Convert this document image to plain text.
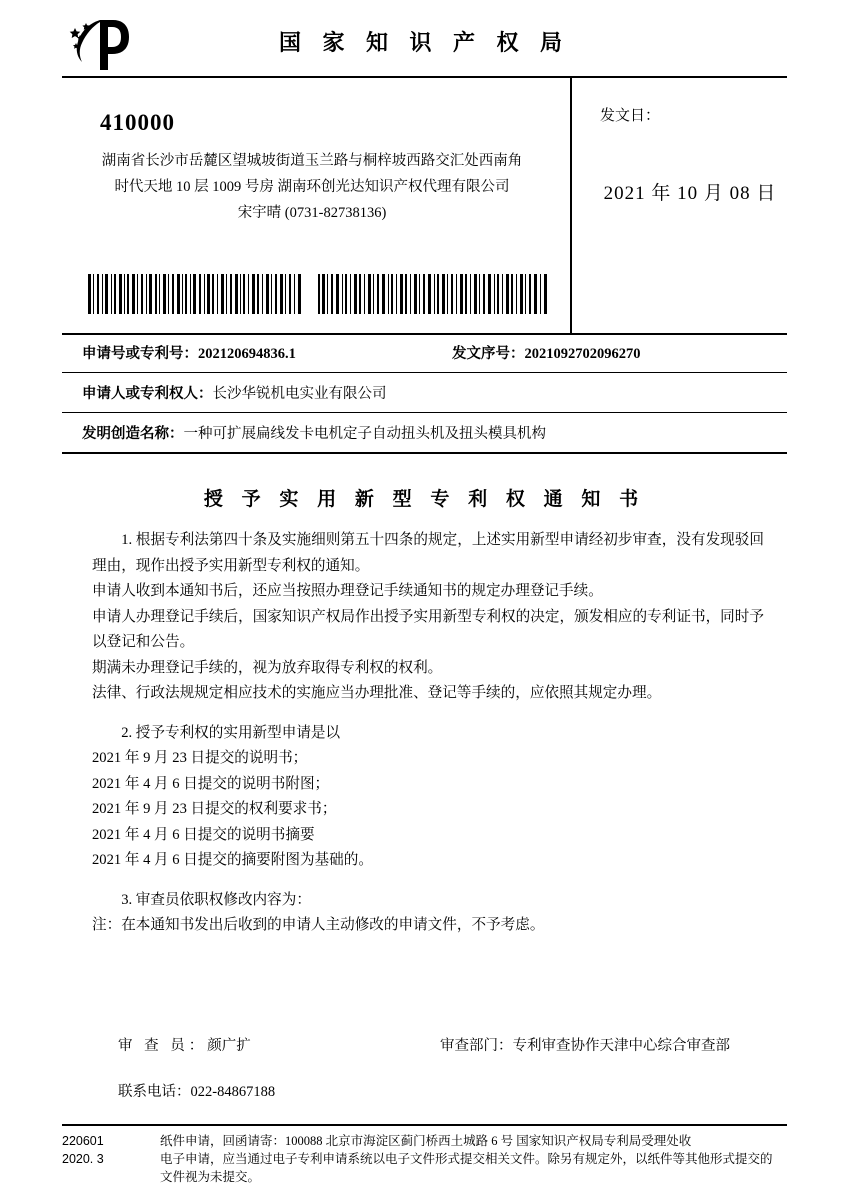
国 家 知 识 产 权 局
410000
湖南省长沙市岳麓区望城坡街道玉兰路与桐梓坡西路交汇处西南角
时代天地 10 层 1009 号房 湖南环创光达知识产权代理有限公司
宋宇晴 (0731-82738136)
发文日：
2021 年 10 月 08 日
申请号或专利号：202120694836.1	发文序号：2021092702096270
申请人或专利权人：长沙华锐机电实业有限公司
发明创造名称：一种可扩展扁线发卡电机定子自动扭头机及扭头模具机构
授 予 实 用 新 型 专 利 权 通 知 书

1. 根据专利法第四十条及实施细则第五十四条的规定，上述实用新型申请经初步审查，没有发现驳回理由，现作出授予实用新型专利权的通知。

申请人收到本通知书后，还应当按照办理登记手续通知书的规定办理登记手续。

申请人办理登记手续后，国家知识产权局作出授予实用新型专利权的决定，颁发相应的专利证书，同时予以登记和公告。

期满未办理登记手续的，视为放弃取得专利权的权利。

法律、行政法规规定相应技术的实施应当办理批准、登记等手续的，应依照其规定办理。

2. 授予专利权的实用新型申请是以

2021 年 9 月 23 日提交的说明书；

2021 年 4 月 6 日提交的说明书附图；

2021 年 9 月 23 日提交的权利要求书；

2021 年 4 月 6 日提交的说明书摘要

2021 年 4 月 6 日提交的摘要附图为基础的。

3. 审查员依职权修改内容为：

注：在本通知书发出后收到的申请人主动修改的申请文件，不予考虑。

审 查 员：颜广扩	审查部门：专利审查协作天津中心综合审查部
联系电话：022-84867188
220601
2020. 3
纸件申请，回函请寄：100088 北京市海淀区蓟门桥西土城路 6 号 国家知识产权局专利局受理处收
电子申请，应当通过电子专利申请系统以电子文件形式提交相关文件。除另有规定外，以纸件等其他形式提交的
文件视为未提交。
